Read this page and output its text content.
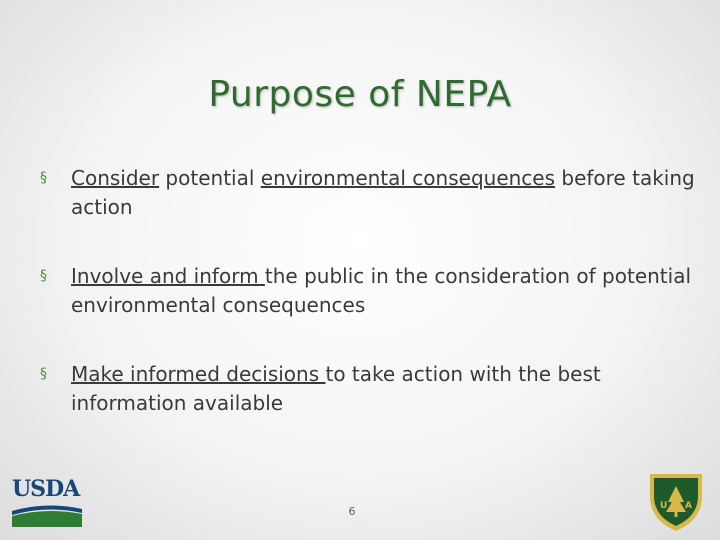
Purpose of NEPA
§ Consider potential environmental consequences before taking action
§ Involve and inform the public in the consideration of potential environmental consequences
§ Make informed decisions to take action with the best information available
USDA
6	U S A
